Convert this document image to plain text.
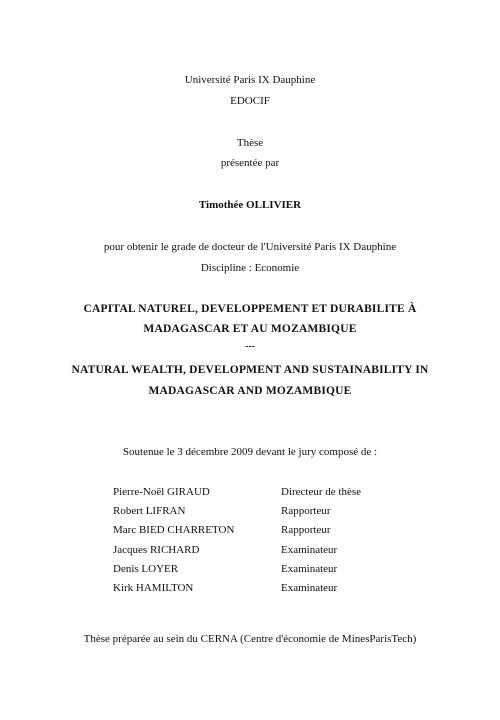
Université Paris IX Dauphine
EDOCIF
Thèse
présentée par
Timothée OLLIVIER
pour obtenir le grade de docteur de l'Université Paris IX Dauphine
Discipline : Economie
CAPITAL NATUREL, DEVELOPPEMENT ET DURABILITE À
MADAGASCAR ET AU MOZAMBIQUE
---
NATURAL WEALTH, DEVELOPMENT AND SUSTAINABILITY IN
MADAGASCAR AND MOZAMBIQUE
Soutenue le 3 décembre 2009 devant le jury composé de :
Pierre-Noël GIRAUD	Directeur de thèse
Robert LIFRAN	Rapporteur
Marc BIED CHARRETON	Rapporteur
Jacques RICHARD	Examinateur
Denis LOYER	Examinateur
Kirk HAMILTON	Examinateur
Thèse préparée au sein du CERNA (Centre d'économie de MinesParisTech)
